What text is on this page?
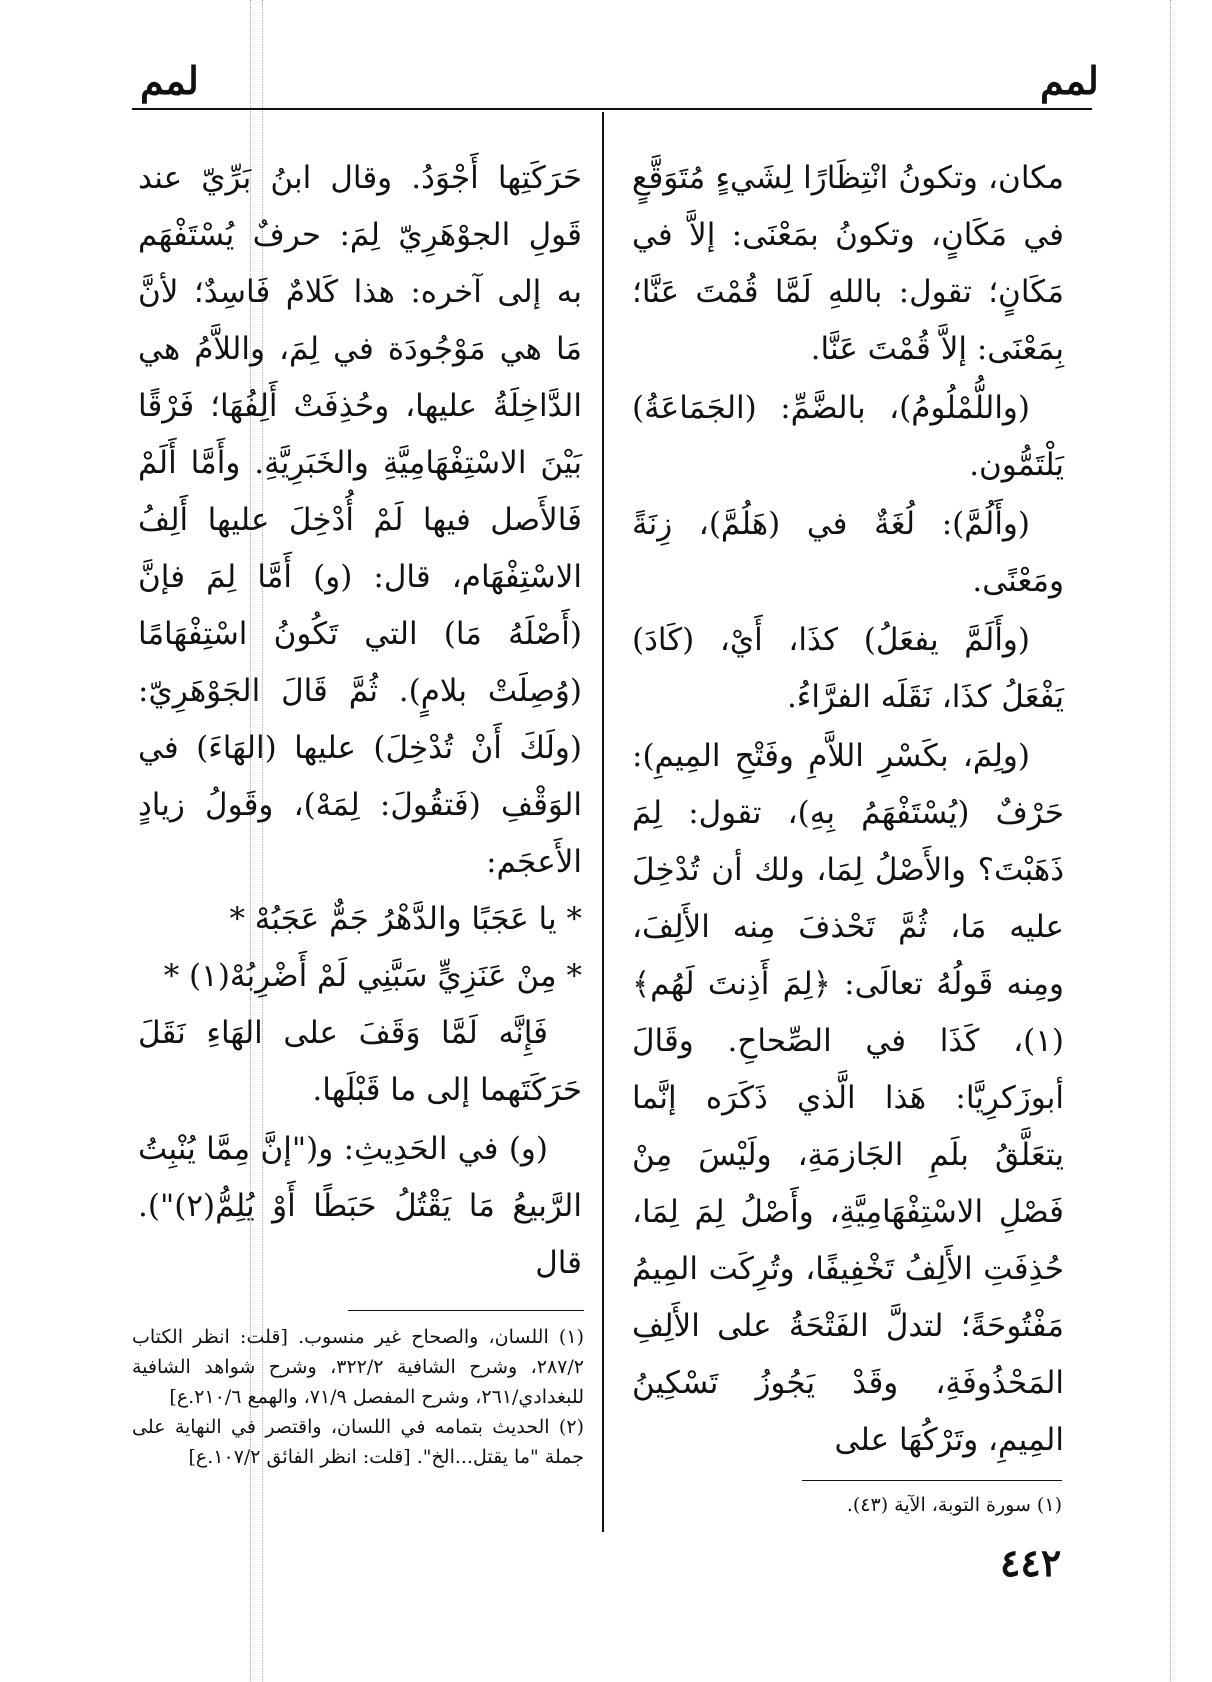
لمم
لمم

مكان، وتكونُ انْتِظَارًا لِشَيءٍ مُتَوَقَّعٍ في مَكَانٍ، وتكونُ بمَعْنَى: إلاَّ في مَكَانٍ؛ تقول: باللهِ لَمَّا قُمْتَ عَنَّا؛ بِمَعْنَى: إلاَّ قُمْتَ عَنَّا.

(واللُّمْلُومُ)، بالضَّمِّ: (الجَمَاعَةُ) يَلْتَمُّون.

(وأَلُمَّ): لُغَةٌ في (هَلُمَّ)، زِنَةً ومَعْنًى.

(وأَلَمَّ يفعَلُ) كذَا، أَيْ، (كَادَ) يَفْعَلُ كذَا، نَقَلَه الفرَّاءُ.

(ولِمَ، بكَسْرِ اللاَّمِ وفَتْحِ المِيمِ): حَرْفٌ (يُسْتَفْهَمُ بِهِ)، تقول: لِمَ ذَهَبْتَ؟ والأَصْلُ لِمَا، ولك أن تُدْخِلَ عليه مَا، ثُمَّ تَحْذفَ مِنه الأَلِفَ، ومِنه قَولُهُ تعالَى: ﴿لِمَ أَذِنتَ لَهُم﴾(١)، كَذَا في الصِّحاحِ. وقَالَ أبوزَكرِيَّا: هَذا الَّذي ذَكَرَه إنَّما يتعَلَّقُ بلَمِ الجَازمَةِ، ولَيْسَ مِنْ فَصْلِ الاسْتِفْهَامِيَّةِ، وأَصْلُ لِمَ لِمَا، حُذِفَتِ الأَلِفُ تَخْفِيفًا، وتُرِكَت المِيمُ مَفْتُوحَةً؛ لتدلَّ الفَتْحَةُ على الأَلِفِ المَحْذُوفَةِ، وقَدْ يَجُوزُ تَسْكِينُ المِيمِ، وتَرْكُهَا على

حَرَكَتِها أَجْوَدُ. وقال ابنُ بَرِّيّ عند قَولِ الجوْهَرِيّ لِمَ: حرفٌ يُسْتَفْهَم به إلى آخره: هذا كَلامٌ فَاسِدٌ؛ لأنَّ مَا هي مَوْجُودَة في لِمَ، واللاَّمُ هي الدَّاخِلَةُ عليها، وحُذِفَتْ أَلِفُهَا؛ فَرْقًا بَيْنَ الاسْتِفْهَامِيَّةِ والخَبَرِيَّةِ. وأَمَّا أَلَمْ فَالأَصل فيها لَمْ أُدْخِلَ عليها أَلِفُ الاسْتِفْهَام، قال: (و) أَمَّا لِمَ فإنَّ (أَصْلَهُ مَا) التي تَكُونُ اسْتِفْهَامًا (وُصِلَتْ بلامٍ). ثُمَّ قَالَ الجَوْهَرِيّ: (ولَكَ أَنْ تُدْخِلَ) عليها (الهَاءَ) في الوَقْفِ (فَتقُولَ: لِمَهْ)، وقَولُ زيادٍ الأَعجَم:

* يا عَجَبًا والدَّهْرُ جَمٌّ عَجَبُهْ *

* مِنْ عَنَزِيٍّ سَبَّنِي لَمْ أَضْرِبُهْ(١) *

فَإِنَّه لَمَّا وَقَفَ على الهَاءِ نَقَلَ حَرَكَتَهما إلى ما قَبْلَها.

(و) في الحَدِيثِ: و("إنَّ مِمَّا يُنْبِتُ الرَّبيعُ مَا يَقْتُلُ حَبَطًا أَوْ يُلِمُّ(٢)"). قال

(١) اللسان، والصحاح غير منسوب. [قلت: انظر الكتاب ٢٨٧/٢، وشرح الشافية ٣٢٢/٢، وشرح شواهد الشافية للبغدادي/٢٦١، وشرح المفصل ٧١/٩، والهمع ٢١٠/٦.ع]

(٢) الحديث بتمامه في اللسان، واقتصر في النهاية على جملة "ما يقتل...الخ". [قلت: انظر الفائق ١٠٧/٢.ع]

(١) سورة التوبة، الآية (٤٣).

٤٤٢
